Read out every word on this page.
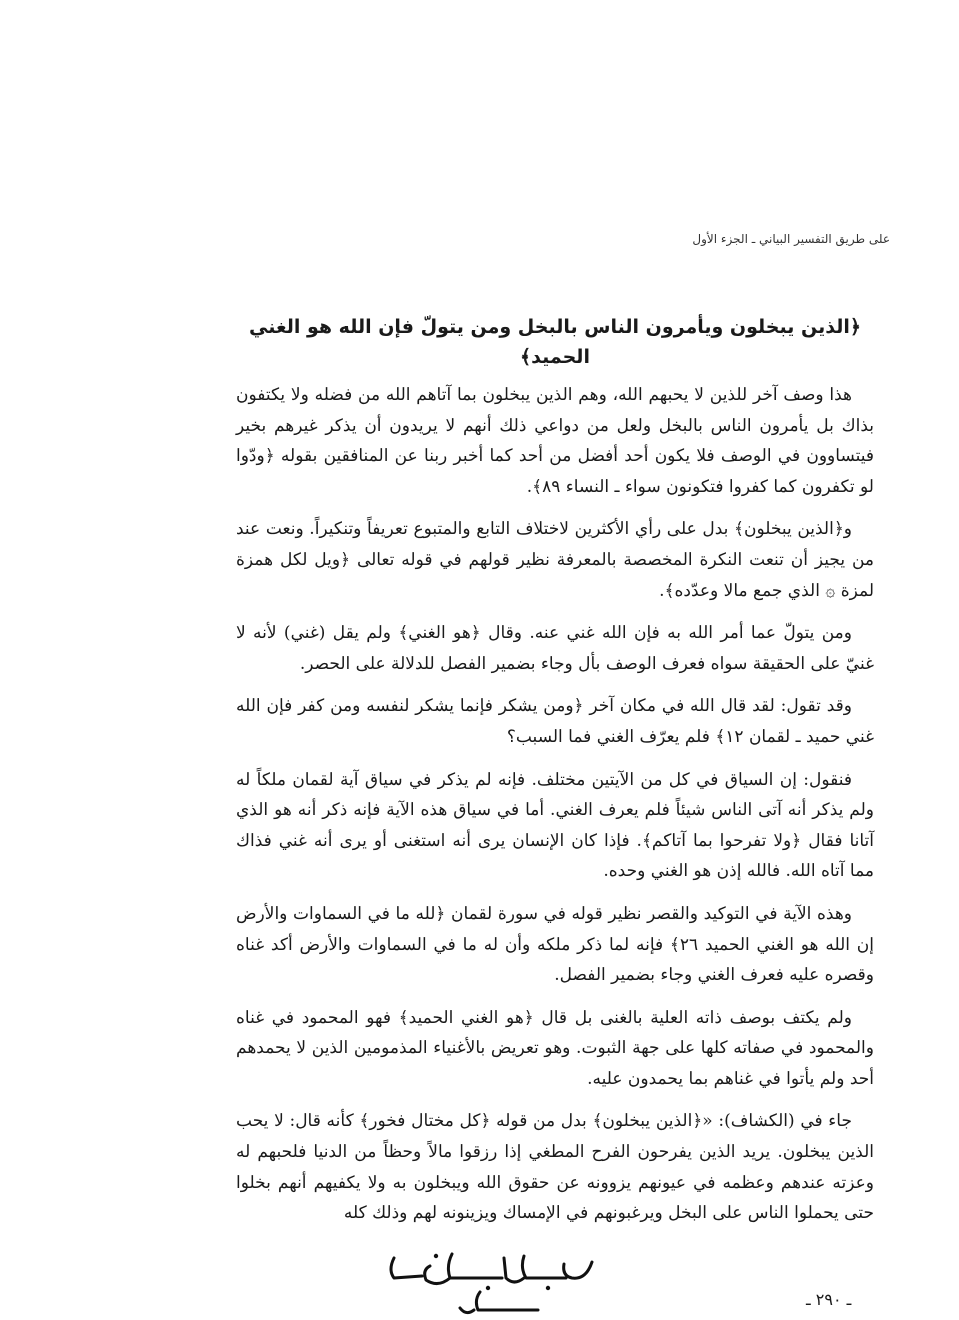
على طريق التفسير البياني ـ الجزء الأول
﴿الذين يبخلون ويأمرون الناس بالبخل ومن يتولّ فإن الله هو الغني الحميد﴾

هذا وصف آخر للذين لا يحبهم الله، وهم الذين يبخلون بما آتاهم الله من فضله ولا يكتفون بذاك بل يأمرون الناس بالبخل ولعل من دواعي ذلك أنهم لا يريدون أن يذكر غيرهم بخير فيتساوون في الوصف فلا يكون أحد أفضل من أحد كما أخبر ربنا عن المنافقين بقوله ﴿ودّوا لو تكفرون كما كفروا فتكونون سواء ـ النساء ٨٩﴾.

و﴿الذين يبخلون﴾ بدل على رأي الأكثرين لاختلاف التابع والمتبوع تعريفاً وتنكيراً. ونعت عند من يجيز أن تنعت النكرة المخصصة بالمعرفة نظير قولهم في قوله تعالى ﴿ويل لكل همزة لمزة ۞ الذي جمع مالا وعدّده﴾.

ومن يتولّ عما أمر الله به فإن الله غني عنه. وقال ﴿هو الغني﴾ ولم يقل (غني) لأنه لا غنيّ على الحقيقة سواه فعرف الوصف بأل وجاء بضمير الفصل للدلالة على الحصر.

وقد تقول: لقد قال الله في مكان آخر ﴿ومن يشكر فإنما يشكر لنفسه ومن كفر فإن الله غني حميد ـ لقمان ١٢﴾ فلم يعرّف الغني فما السبب؟

فنقول: إن السياق في كل من الآيتين مختلف. فإنه لم يذكر في سياق آية لقمان ملكاً له ولم يذكر أنه آتى الناس شيئاً فلم يعرف الغني. أما في سياق هذه الآية فإنه ذكر أنه هو الذي آتانا فقال ﴿ولا تفرحوا بما آتاكم﴾. فإذا كان الإنسان يرى أنه استغنى أو يرى أنه غني فذاك مما آتاه الله. فالله إذن هو الغني وحده.

وهذه الآية في التوكيد والقصر نظير قوله في سورة لقمان ﴿لله ما في السماوات والأرض إن الله هو الغني الحميد ٢٦﴾ فإنه لما ذكر ملكه وأن له ما في السماوات والأرض أكد غناه وقصره عليه فعرف الغني وجاء بضمير الفصل.

ولم يكتف بوصف ذاته العلية بالغنى بل قال ﴿هو الغني الحميد﴾ فهو المحمود في غناه والمحمود في صفاته كلها على جهة الثبوت. وهو تعريض بالأغنياء المذمومين الذين لا يحمدهم أحد ولم يأتوا في غناهم بما يحمدون عليه.

جاء في (الكشاف): «﴿الذين يبخلون﴾ بدل من قوله ﴿كل مختال فخور﴾ كأنه قال: لا يحب الذين يبخلون. يريد الذين يفرحون الفرح المطغي إذا رزقوا مالاً وحظاً من الدنيا فلحبهم له وعزته عندهم وعظمه في عيونهم يزوونه عن حقوق الله ويبخلون به ولا يكفيهم أنهم بخلوا حتى يحملوا الناس على البخل ويرغبونهم في الإمساك ويزينونه لهم وذلك كله

ـ ٢٩٠ ـ
